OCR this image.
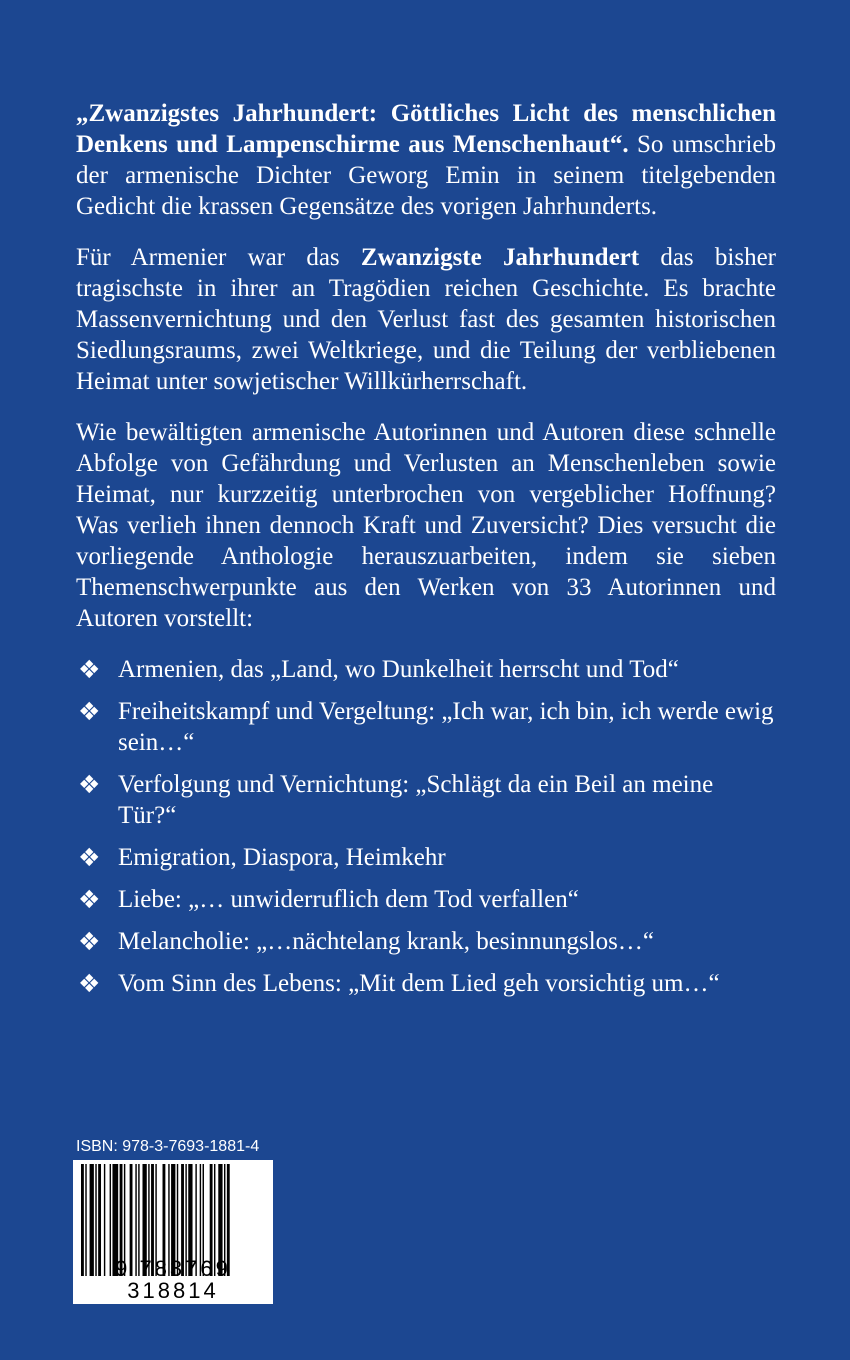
„Zwanzigstes Jahrhundert: Göttliches Licht des menschlichen Denkens und Lampenschirme aus Menschenhaut“. So umschrieb der armenische Dichter Geworg Emin in seinem titelgebenden Gedicht die krassen Gegensätze des vorigen Jahrhunderts.

Für Armenier war das Zwanzigste Jahrhundert das bisher tragischste in ihrer an Tragödien reichen Geschichte. Es brachte Massenvernichtung und den Verlust fast des gesamten historischen Siedlungsraums, zwei Weltkriege, und die Teilung der verbliebenen Heimat unter sowjetischer Willkürherrschaft.

Wie bewältigten armenische Autorinnen und Autoren diese schnelle Abfolge von Gefährdung und Verlusten an Menschenleben sowie Heimat, nur kurzzeitig unterbrochen von vergeblicher Hoffnung? Was verlieh ihnen dennoch Kraft und Zuversicht? Dies versucht die vorliegende Anthologie herauszuarbeiten, indem sie sieben Themenschwerpunkte aus den Werken von 33 Autorinnen und Autoren vorstellt:

❖ Armenien, das „Land, wo Dunkelheit herrscht und Tod“
❖ Freiheitskampf und Vergeltung: „Ich war, ich bin, ich werde ewig sein…“
❖ Verfolgung und Vernichtung: „Schlägt da ein Beil an meine Tür?“
❖ Emigration, Diaspora, Heimkehr
❖ Liebe: „… unwiderruflich dem Tod verfallen“
❖ Melancholie: „…nächtelang krank, besinnungslos…“
❖ Vom Sinn des Lebens: „Mit dem Lied geh vorsichtig um…“
ISBN: 978-3-7693-1881-4
9 783769 318814
